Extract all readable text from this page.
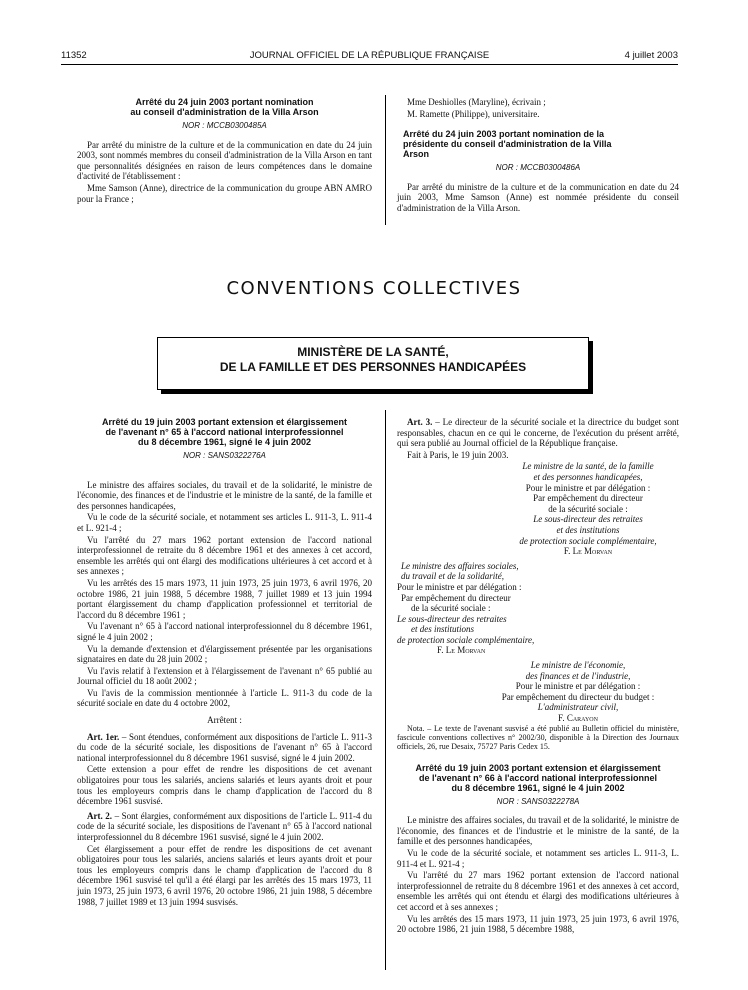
11352	JOURNAL OFFICIEL DE LA RÉPUBLIQUE FRANÇAISE	4 juillet 2003
Arrêté du 24 juin 2003 portant nomination
au conseil d'administration de la Villa Arson
NOR : MCCB0300485A

Par arrêté du ministre de la culture et de la communication en date du 24 juin 2003, sont nommés membres du conseil d'administration de la Villa Arson en tant que personnalités désignées en raison de leurs compétences dans le domaine d'activité de l'établissement :

Mme Samson (Anne), directrice de la communication du groupe ABN AMRO pour la France ;

Mme Deshiolles (Maryline), écrivain ;

M. Ramette (Philippe), universitaire.

Arrêté du 24 juin 2003 portant nomination de la
présidente du conseil d'administration de la Villa
Arson
NOR : MCCB0300486A

Par arrêté du ministre de la culture et de la communication en date du 24 juin 2003, Mme Samson (Anne) est nommée présidente du conseil d'administration de la Villa Arson.

CONVENTIONS COLLECTIVES
MINISTÈRE DE LA SANTÉ,
DE LA FAMILLE ET DES PERSONNES HANDICAPÉES
Arrêté du 19 juin 2003 portant extension et élargissement
de l'avenant n° 65 à l'accord national interprofessionnel
du 8 décembre 1961, signé le 4 juin 2002
NOR : SANS0322276A

Le ministre des affaires sociales, du travail et de la solidarité, le ministre de l'économie, des finances et de l'industrie et le ministre de la santé, de la famille et des personnes handicapées,

Vu le code de la sécurité sociale, et notamment ses articles L. 911-3, L. 911-4 et L. 921-4 ;

Vu l'arrêté du 27 mars 1962 portant extension de l'accord national interprofessionnel de retraite du 8 décembre 1961 et des annexes à cet accord, ensemble les arrêtés qui ont élargi des modifications ultérieures à cet accord et à ses annexes ;

Vu les arrêtés des 15 mars 1973, 11 juin 1973, 25 juin 1973, 6 avril 1976, 20 octobre 1986, 21 juin 1988, 5 décembre 1988, 7 juillet 1989 et 13 juin 1994 portant élargissement du champ d'application professionnel et territorial de l'accord du 8 décembre 1961 ;

Vu l'avenant n° 65 à l'accord national interprofessionnel du 8 décembre 1961, signé le 4 juin 2002 ;

Vu la demande d'extension et d'élargissement présentée par les organisations signataires en date du 28 juin 2002 ;

Vu l'avis relatif à l'extension et à l'élargissement de l'avenant n° 65 publié au Journal officiel du 18 août 2002 ;

Vu l'avis de la commission mentionnée à l'article L. 911-3 du code de la sécurité sociale en date du 4 octobre 2002,

Arrêtent :

Art. 1er. – Sont étendues, conformément aux dispositions de l'article L. 911-3 du code de la sécurité sociale, les dispositions de l'avenant n° 65 à l'accord national interprofessionnel du 8 décembre 1961 susvisé, signé le 4 juin 2002.

Cette extension a pour effet de rendre les dispositions de cet avenant obligatoires pour tous les salariés, anciens salariés et leurs ayants droit et pour tous les employeurs compris dans le champ d'application de l'accord du 8 décembre 1961 susvisé.

Art. 2. – Sont élargies, conformément aux dispositions de l'article L. 911-4 du code de la sécurité sociale, les dispositions de l'avenant n° 65 à l'accord national interprofessionnel du 8 décembre 1961 susvisé, signé le 4 juin 2002.

Cet élargissement a pour effet de rendre les dispositions de cet avenant obligatoires pour tous les salariés, anciens salariés et leurs ayants droit et pour tous les employeurs compris dans le champ d'application de l'accord du 8 décembre 1961 susvisé tel qu'il a été élargi par les arrêtés des 15 mars 1973, 11 juin 1973, 25 juin 1973, 6 avril 1976, 20 octobre 1986, 21 juin 1988, 5 décembre 1988, 7 juillet 1989 et 13 juin 1994 susvisés.

Art. 3. – Le directeur de la sécurité sociale et la directrice du budget sont responsables, chacun en ce qui le concerne, de l'exécution du présent arrêté, qui sera publié au Journal officiel de la République française.

Fait à Paris, le 19 juin 2003.

Le ministre de la santé, de la famille
et des personnes handicapées,
Pour le ministre et par délégation :
Par empêchement du directeur
de la sécurité sociale :
Le sous-directeur des retraites
et des institutions
de protection sociale complémentaire,
F. Le Morvan
Le ministre des affaires sociales,
du travail et de la solidarité,
Pour le ministre et par délégation :
Par empêchement du directeur
de la sécurité sociale :
Le sous-directeur des retraites
et des institutions
de protection sociale complémentaire,
F. Le Morvan
Le ministre de l'économie,
des finances et de l'industrie,
Pour le ministre et par délégation :
Par empêchement du directeur du budget :
L'administrateur civil,
F. Carayon

Nota. – Le texte de l'avenant susvisé a été publié au Bulletin officiel du ministère, fascicule conventions collectives n° 2002/30, disponible à la Direction des Journaux officiels, 26, rue Desaix, 75727 Paris Cedex 15.

Arrêté du 19 juin 2003 portant extension et élargissement
de l'avenant n° 66 à l'accord national interprofessionnel
du 8 décembre 1961, signé le 4 juin 2002
NOR : SANS0322278A

Le ministre des affaires sociales, du travail et de la solidarité, le ministre de l'économie, des finances et de l'industrie et le ministre de la santé, de la famille et des personnes handicapées,

Vu le code de la sécurité sociale, et notamment ses articles L. 911-3, L. 911-4 et L. 921-4 ;

Vu l'arrêté du 27 mars 1962 portant extension de l'accord national interprofessionnel de retraite du 8 décembre 1961 et des annexes à cet accord, ensemble les arrêtés qui ont étendu et élargi des modifications ultérieures à cet accord et à ses annexes ;

Vu les arrêtés des 15 mars 1973, 11 juin 1973, 25 juin 1973, 6 avril 1976, 20 octobre 1986, 21 juin 1988, 5 décembre 1988,
